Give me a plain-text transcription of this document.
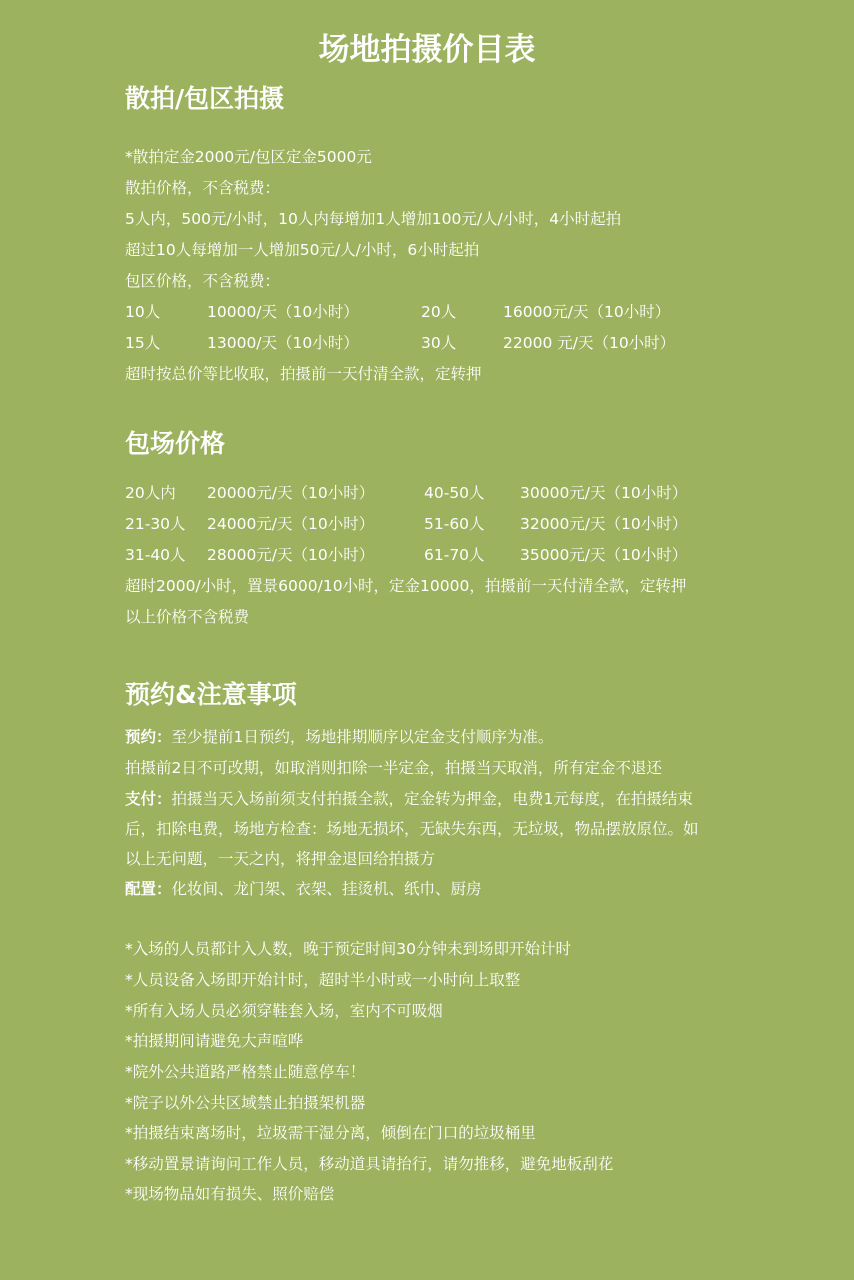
场地拍摄价目表
散拍/包区拍摄
*散拍定金2000元/包区定金5000元
散拍价格，不含税费：
5人内，500元/小时，10人内每增加1人增加100元/人/小时，4小时起拍
超过10人每增加一人增加50元/人/小时，6小时起拍
包区价格，不含税费：
10人	10000/天（10小时）	20人	16000元/天（10小时）
15人	13000/天（10小时）	30人	22000 元/天（10小时）
超时按总价等比收取，拍摄前一天付清全款，定转押
包场价格
20人内 20000元/天（10小时）	40-50人 30000元/天（10小时）
21-30人 24000元/天（10小时）	51-60人 32000元/天（10小时）
31-40人 28000元/天（10小时）	61-70人 35000元/天（10小时）
超时2000/小时，置景6000/10小时，定金10000，拍摄前一天付清全款，定转押
以上价格不含税费
预约&注意事项
预约：至少提前1日预约，场地排期顺序以定金支付顺序为准。
拍摄前2日不可改期，如取消则扣除一半定金，拍摄当天取消，所有定金不退还
支付：拍摄当天入场前须支付拍摄全款，定金转为押金，电费1元每度，在拍摄结束
后，扣除电费，场地方检查：场地无损坏，无缺失东西，无垃圾，物品摆放原位。如
以上无问题，一天之内，将押金退回给拍摄方
配置：化妆间、龙门架、衣架、挂烫机、纸巾、厨房
*入场的人员都计入人数，晚于预定时间30分钟未到场即开始计时
*人员设备入场即开始计时，超时半小时或一小时向上取整
*所有入场人员必须穿鞋套入场，室内不可吸烟
*拍摄期间请避免大声喧哗
*院外公共道路严格禁止随意停车！
*院子以外公共区域禁止拍摄架机器
*拍摄结束离场时，垃圾需干湿分离，倾倒在门口的垃圾桶里
*移动置景请询问工作人员，移动道具请抬行，请勿推移，避免地板刮花
*现场物品如有损失、照价赔偿
